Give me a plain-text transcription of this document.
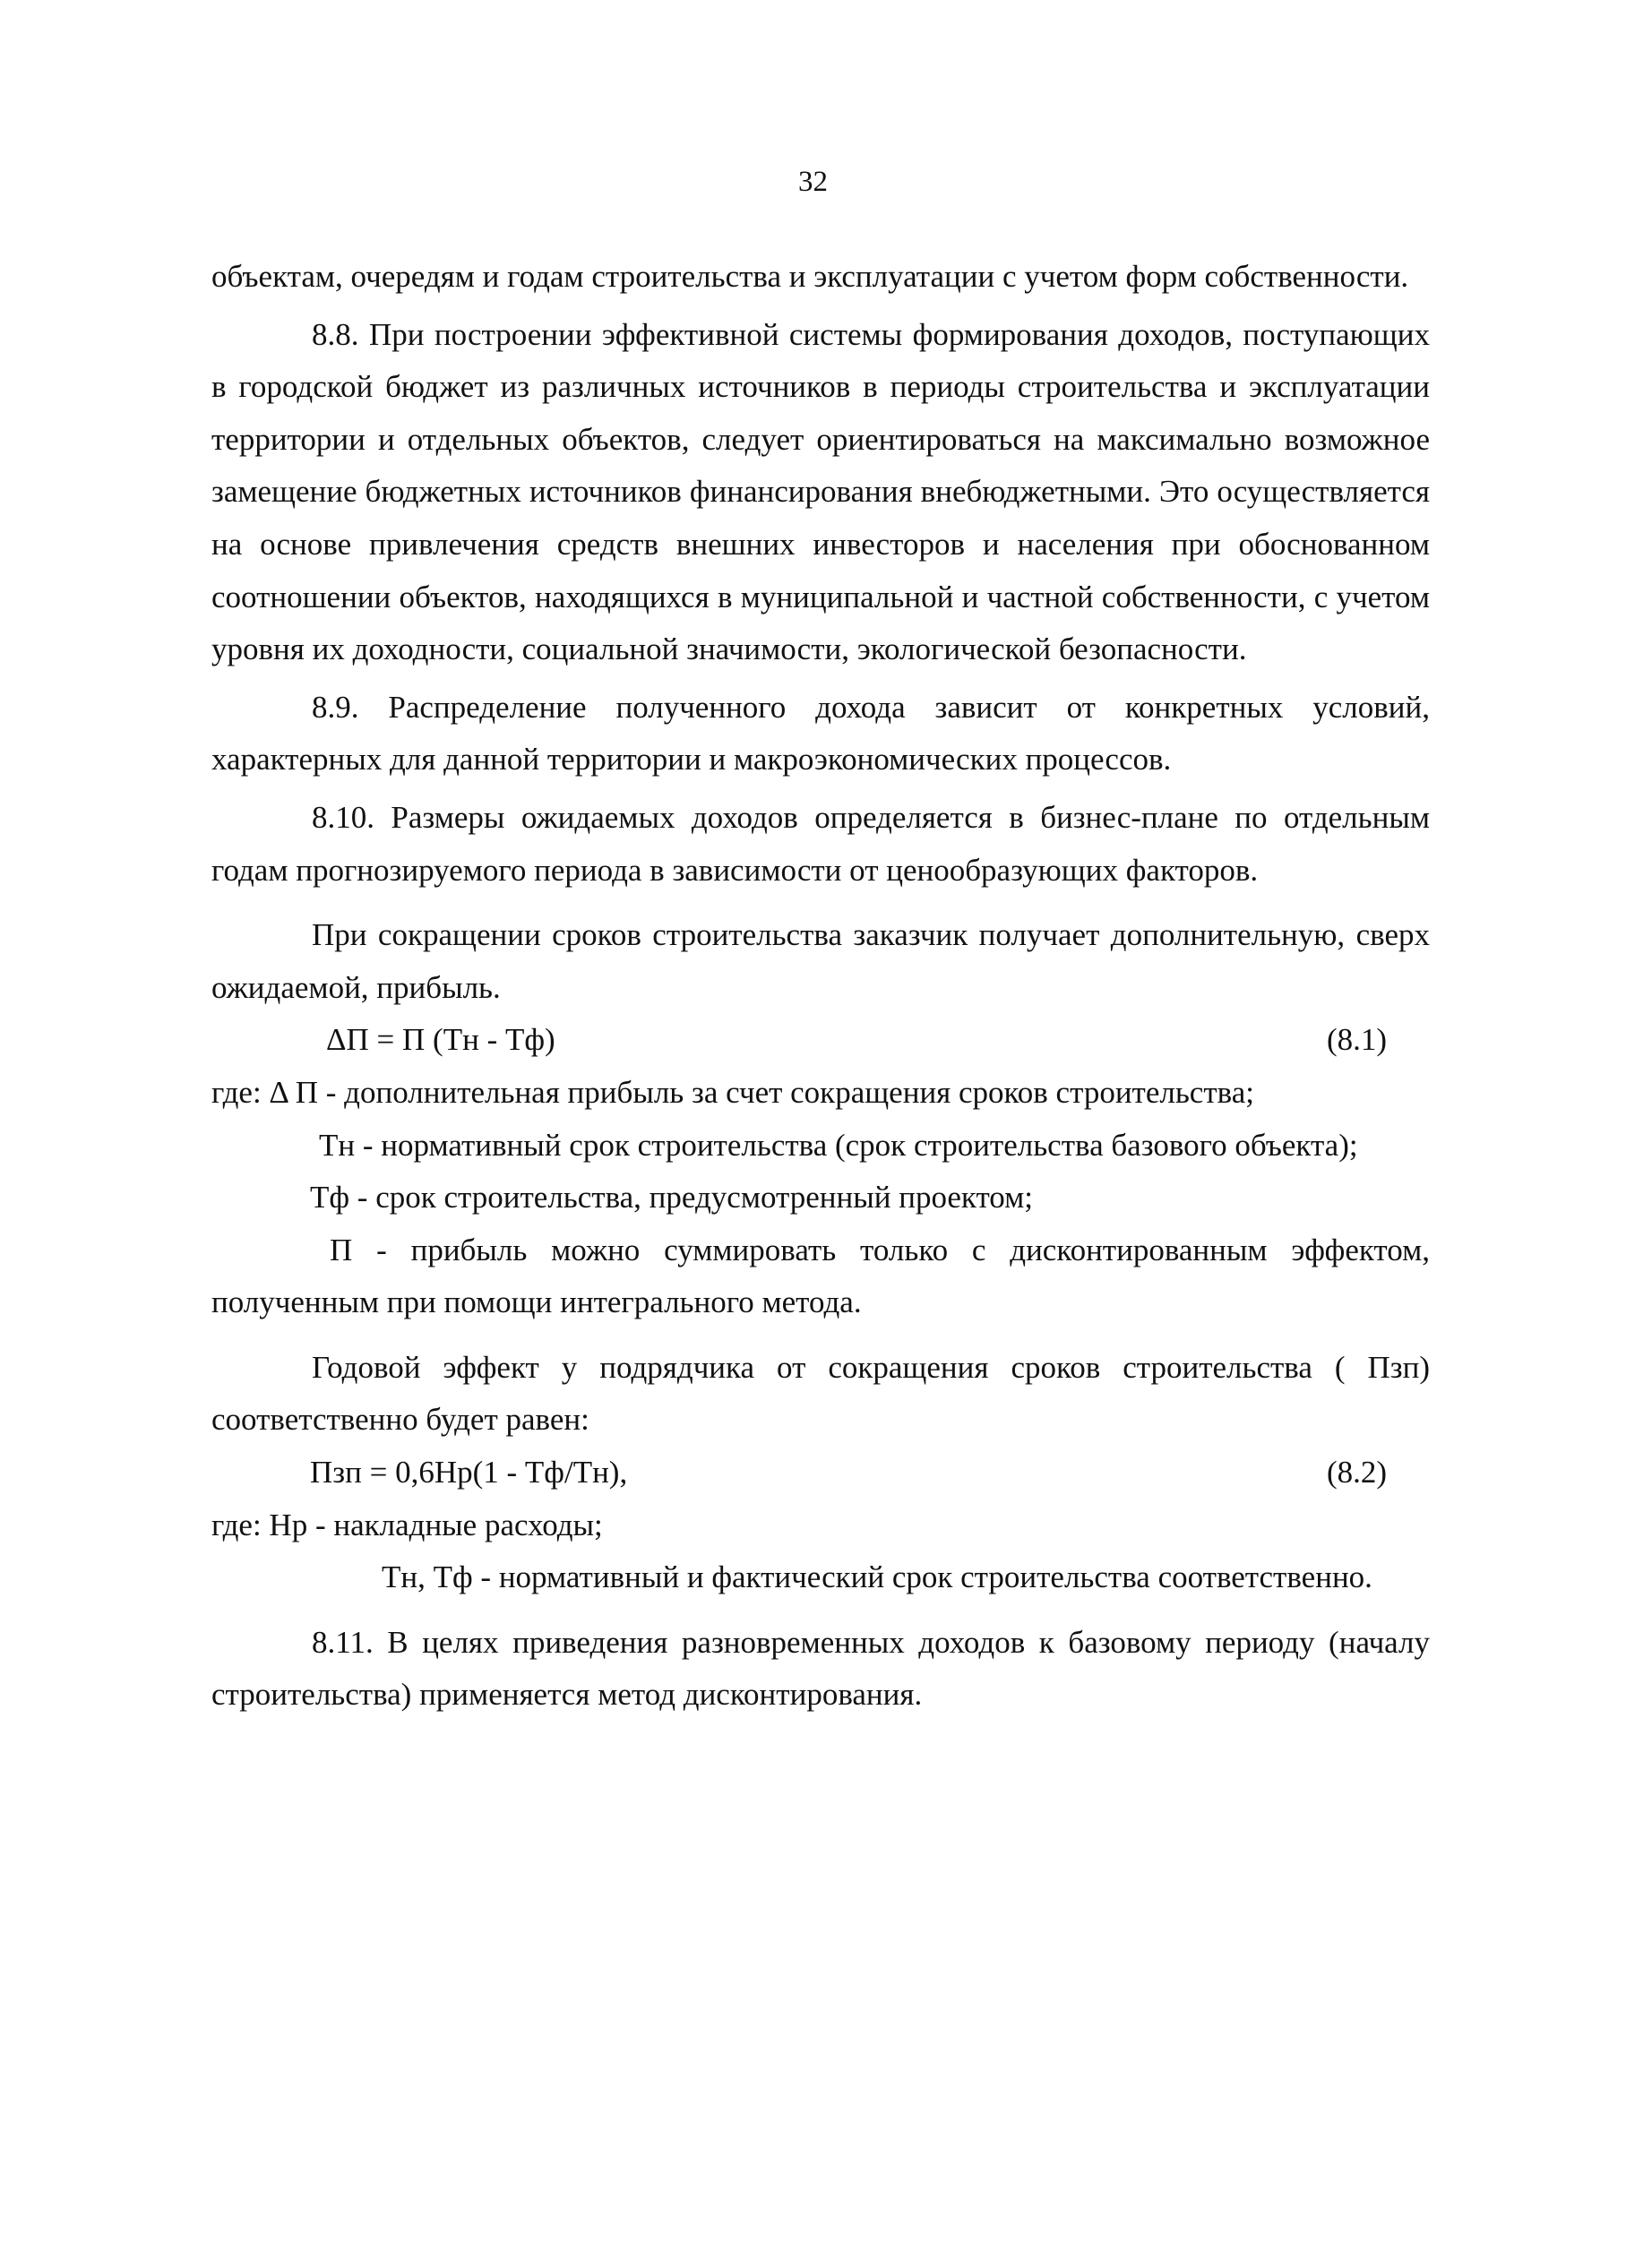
32

объектам, очередям и годам строительства и эксплуатации с учетом форм собственности.

8.8. При построении эффективной системы формирования доходов, поступающих в городской бюджет из различных источников в периоды строительства и эксплуатации территории и отдельных объектов, следует ориентироваться на максимально возможное замещение бюджетных источников финансирования внебюджетными. Это осуществляется на основе привлечения средств внешних инвесторов и населения при обоснованном соотношении объектов, находящихся в муниципальной и частной собственности, с учетом уровня их доходности, социальной значимости, экологической безопасности.

8.9. Распределение полученного дохода зависит от конкретных условий, характерных для данной территории и макроэкономических процессов.

8.10. Размеры ожидаемых доходов определяется в бизнес-плане по отдельным годам прогнозируемого периода в зависимости от ценообразующих факторов.

При сокращении сроков строительства заказчик получает дополнительную, сверх ожидаемой, прибыль.

ΔП = П (Тн - Тф)	(8.1)

где: Δ П - дополнительная прибыль за счет сокращения сроков строительства;

Тн - нормативный срок строительства (срок строительства базового объекта);

Тф - срок строительства, предусмотренный проектом;

П - прибыль можно суммировать только с дисконтированным эффектом, полученным при помощи интегрального метода.

Годовой эффект у подрядчика от сокращения сроков строительства ( Пзп) соответственно будет равен:

Пзп = 0,6Нр(1 - Тф/Тн),	(8.2)

где: Нр - накладные расходы;

Тн, Тф - нормативный и фактический срок строительства соответственно.

8.11. В целях приведения разновременных доходов к базовому периоду (началу строительства) применяется метод дисконтирования.
